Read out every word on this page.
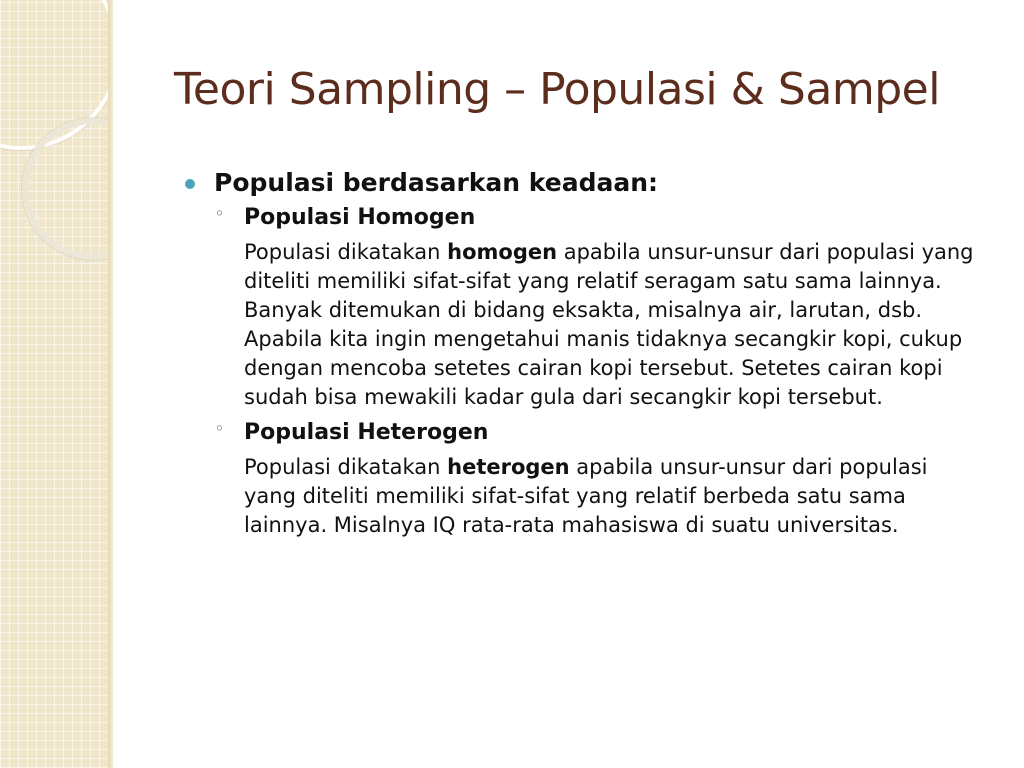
Teori Sampling – Populasi & Sampel
Populasi berdasarkan keadaan:
◦ Populasi Homogen

Populasi dikatakan homogen apabila unsur-unsur dari populasi yang diteliti memiliki sifat-sifat yang relatif seragam satu sama lainnya. Banyak ditemukan di bidang eksakta, misalnya air, larutan, dsb. Apabila kita ingin mengetahui manis tidaknya secangkir kopi, cukup dengan mencoba setetes cairan kopi tersebut. Setetes cairan kopi sudah bisa mewakili kadar gula dari secangkir kopi tersebut.

◦ Populasi Heterogen

Populasi dikatakan heterogen apabila unsur-unsur dari populasi yang diteliti memiliki sifat-sifat yang relatif berbeda satu sama lainnya. Misalnya IQ rata-rata mahasiswa di suatu universitas.
